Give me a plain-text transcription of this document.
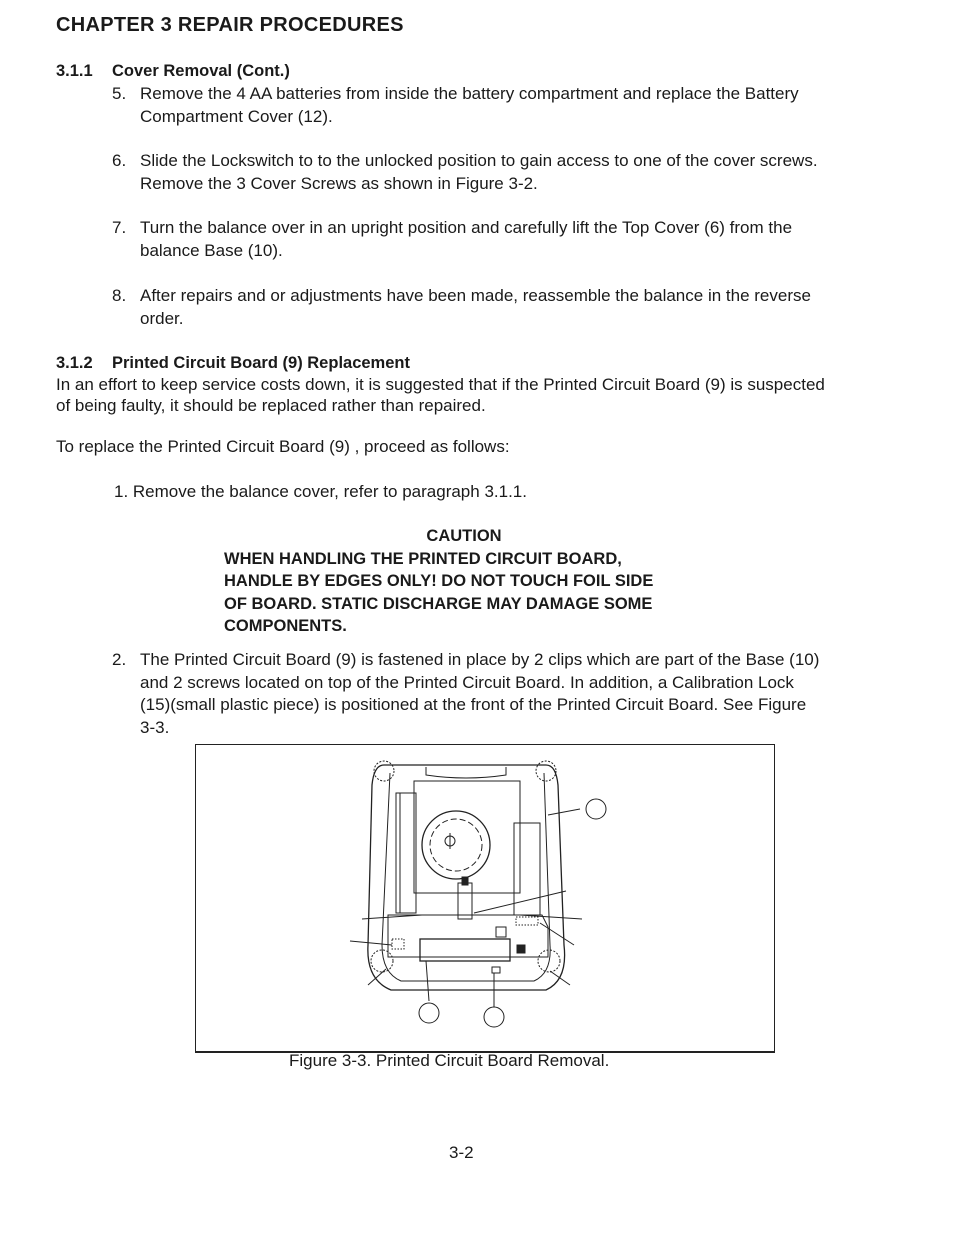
CHAPTER 3 REPAIR PROCEDURES
3.1.1 Cover Removal (Cont.)
5. Remove the 4 AA batteries from inside the battery compartment and replace the Battery
Compartment Cover (12).
6. Slide the Lockswitch to to the unlocked position to gain access to one of the cover screws.
Remove the 3 Cover Screws as shown in Figure 3-2.
7. Turn the balance over in an upright position and carefully lift the Top Cover (6) from the
balance Base (10).
8. After repairs and or adjustments have been made, reassemble the balance in the reverse
order.
3.1.2 Printed Circuit Board (9) Replacement
In an effort to keep service costs down, it is suggested that if the Printed Circuit Board (9) is suspected
of being faulty, it should be replaced rather than repaired.
To replace the Printed Circuit Board (9) , proceed as follows:
1. Remove the balance cover, refer to paragraph 3.1.1.
CAUTION
WHEN HANDLING THE PRINTED CIRCUIT BOARD,
HANDLE BY EDGES ONLY! DO NOT TOUCH FOIL SIDE
OF BOARD. STATIC DISCHARGE MAY DAMAGE SOME
COMPONENTS.
2. The Printed Circuit Board (9) is fastened in place by 2 clips which are part of the Base (10)
and 2 screws located on top of the Printed Circuit Board. In addition, a Calibration Lock
(15)(small plastic piece) is positioned at the front of the Printed Circuit Board. See Figure
3-3.
Figure 3-3. Printed Circuit Board Removal.
3-2
